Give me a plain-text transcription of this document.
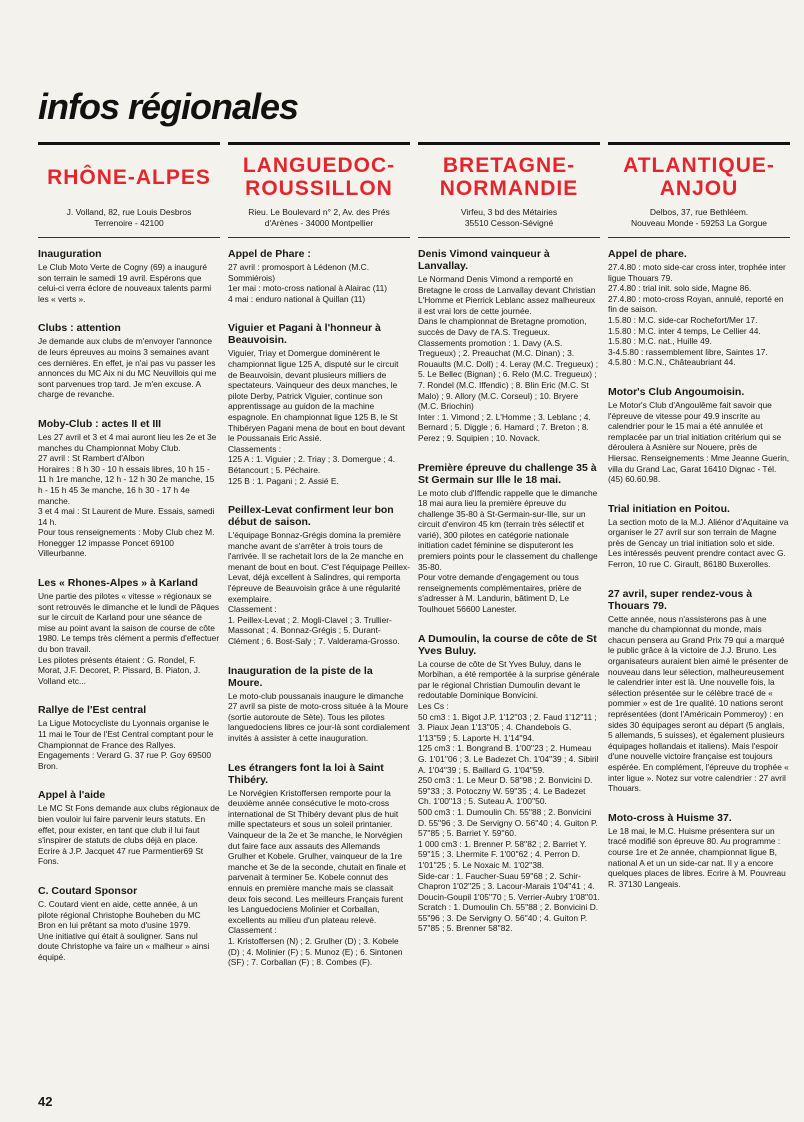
infos régionales
RHÔNE-ALPES
J. Volland, 82, rue Louis Desbros
Terrenoire - 42100
Inauguration

Le Club Moto Verte de Cogny (69) a inauguré son terrain le samedi 19 avril. Espérons que celui-ci verra éclore de nouveaux talents parmi les « verts ».

Clubs : attention

Je demande aux clubs de m'envoyer l'annonce de leurs épreuves au moins 3 semaines avant ces dernières. En effet, je n'ai pas vu passer les annonces du MC Aix ni du MC Neuvillois qui me sont parvenues trop tard. Je m'en excuse. A charge de revanche.

Moby-Club : actes II et III

Les 27 avril et 3 et 4 mai auront lieu les 2e et 3e manches du Championnat Moby Club.
27 avril : St Rambert d'Albon
Horaires : 8 h 30 - 10 h essais libres, 10 h 15 - 11 h 1re manche, 12 h - 12 h 30 2e manche, 15 h - 15 h 45 3e manche, 16 h 30 - 17 h 4e manche.
3 et 4 mai : St Laurent de Mure. Essais, samedi 14 h.
Pour tous renseignements : Moby Club chez M. Honegger 12 impasse Poncet 69100 Villeurbanne.

Les « Rhones-Alpes » à Karland

Une partie des pilotes « vitesse » régionaux se sont retrouvés le dimanche et le lundi de Pâques sur le circuit de Karland pour une séance de mise au point avant la saison de course de côte 1980. Le temps très clément a permis d'effectuer du bon travail.
Les pilotes présents étaient : G. Rondel, F. Morat, J.F. Decoret, P. Pissard, B. Piaton, J. Volland etc...

Rallye de l'Est central

La Ligue Motocycliste du Lyonnais organise le 11 mai le Tour de l'Est Central comptant pour le Championnat de France des Rallyes.
Engagements : Verard G. 37 rue P. Goy 69500 Bron.

Appel à l'aide

Le MC St Fons demande aux clubs régionaux de bien vouloir lui faire parvenir leurs statuts. En effet, pour exister, en tant que club il lui faut s'inspirer de statuts de clubs déjà en place.
Ecrire à J.P. Jacquet 47 rue Parmentier69 St Fons.

C. Coutard Sponsor

C. Coutard vient en aide, cette année, à un pilote régional Christophe Bouheben du MC Bron en lui prêtant sa moto d'usine 1979.
Une initiative qui était à souligner. Sans nul doute Christophe va faire un « malheur » ainsi équipé.

LANGUEDOC-
ROUSSILLON
Rieu. Le Boulevard n° 2, Av. des Prés
d'Arènes - 34000 Montpellier
Appel de Phare :

27 avril : promosport à Lédenon (M.C. Sommiérois)
1er mai : moto-cross national à Alairac (11)
4 mai : enduro national à Quillan (11)

Viguier et Pagani à l'honneur à Beauvoisin.

Viguier, Triay et Domergue dominèrent le championnat ligue 125 A, disputé sur le circuit de Beauvoisin, devant plusieurs milliers de spectateurs. Vainqueur des deux manches, le pilote Derby, Patrick Viguier, continue son apprentissage au guidon de la machine espagnole. En championnat ligue 125 B, le St Thibéryen Pagani mena de bout en bout devant le Poussanais Eric Assié.
Classements :
125 A : 1. Viguier ; 2. Triay ; 3. Domergue ; 4. Bétancourt ; 5. Péchaire.
125 B : 1. Pagani ; 2. Assié E.

Peillex-Levat confirment leur bon début de saison.

L'équipage Bonnaz-Grégis domina la première manche avant de s'arrêter à trois tours de l'arrivée. Il se rachetait lors de la 2e manche en menant de bout en bout. C'est l'équipage Peillex-Levat, déjà excellent à Salindres, qui remporta l'épreuve de Beauvoisin grâce à une régularité exemplaire.
Classement :
1. Peillex-Levat ; 2. Mogli-Clavel ; 3. Trullier-Massonat ; 4. Bonnaz-Grégis ; 5. Durant-Clément ; 6. Bost-Saly ; 7. Valderama-Grosso.

Inauguration de la piste de la Moure.

Le moto-club poussanais inaugure le dimanche 27 avril sa piste de moto-cross située à la Moure (sortie autoroute de Sète). Tous les pilotes languedociens libres ce jour-là sont cordialement invités à assister à cette inauguration.

Les étrangers font la loi à Saint Thibéry.

Le Norvégien Kristoffersen remporte pour la deuxième année consécutive le moto-cross international de St Thibéry devant plus de huit mille spectateurs et sous un soleil printanier. Vainqueur de la 2e et 3e manche, le Norvégien dut faire face aux assauts des Allemands Grulher et Kobele. Grulher, vainqueur de la 1re manche et 3e de la seconde, chutait en finale et parvenait à terminer 5e. Kobele connut des ennuis en première manche mais se classait deux fois second. Les meilleurs Français furent les Languedociens Molinier et Corballan, excellents au milieu d'un plateau relevé.
Classement :
1. Kristoffersen (N) ; 2. Grulher (D) ; 3. Kobele (D) ; 4. Molinier (F) ; 5. Munoz (E) ; 6. Sintonen (SF) ; 7. Corballan (F) ; 8. Combes (F).

BRETAGNE-
NORMANDIE
Virfeu, 3 bd des Métairies
35510 Cesson-Sévigné
Denis Vimond vainqueur à Lanvallay.

Le Normand Denis Vimond a remporté en Bretagne le cross de Lanvallay devant Christian L'Homme et Pierrick Leblanc assez malheureux il est vrai lors de cette journée.
Dans le championnat de Bretagne promotion, succès de Davy de l'A.S. Tregueux.
Classements promotion : 1. Davy (A.S. Tregueux) ; 2. Preauchat (M.C. Dinan) ; 3. Rouaults (M.C. Doll) ; 4. Leray (M.C. Tregueux) ; 5. Le Bellec (Bignan) ; 6. Relo (M.C. Tregueux) ; 7. Rondel (M.C. Iffendic) ; 8. Blin Eric (M.C. St Malo) ; 9. Allory (M.C. Corseul) ; 10. Bryere (M.C. Briochin)
Inter : 1. Vimond ; 2. L'Homme ; 3. Leblanc ; 4. Bernard ; 5. Diggle ; 6. Hamard ; 7. Breton ; 8. Perez ; 9. Squipien ; 10. Novack.

Première épreuve du challenge 35 à St Germain sur Ille le 18 mai.

Le moto club d'Iffendic rappelle que le dimanche 18 mai aura lieu la première épreuve du challenge 35-80 à St-Germain-sur-Ille, sur un circuit d'environ 45 km (terrain très sélectif et varié), 300 pilotes en catégorie nationale initiation cadet féminine se disputeront les premiers points pour le classement du challenge 35-80.
Pour votre demande d'engagement ou tous renseignements complémentaires, prière de s'adresser à M. Landurin, bâtiment D, Le Toulhouet 56600 Lanester.

A Dumoulin, la course de côte de St Yves Buluy.

La course de côte de St Yves Buluy, dans le Morbihan, a été remportée à la surprise générale par le régional Christian Dumoulin devant le redoutable Dominique Bonvicini.
Les Cs :
50 cm3 : 1. Bigot J.P. 1'12''03 ; 2. Faud 1'12''11 ; 3. Piaux Jean 1'13''05 ; 4. Chandebois G. 1'13''59 ; 5. Laporte H. 1'14''94.
125 cm3 : 1. Bongrand B. 1'00''23 ; 2. Humeau G. 1'01''06 ; 3. Le Badezet Ch. 1'04''39 ; 4. Sibiril A. 1'04''39 ; 5. Baillard G. 1'04''59.
250 cm3 : 1. Le Meur D. 58''98 ; 2. Bonvicini D. 59''33 ; 3. Potoczny W. 59''35 ; 4. Le Badezet Ch. 1'00''13 ; 5. Suteau A. 1'00''50.
500 cm3 : 1. Dumoulin Ch. 55''88 ; 2. Bonvicini D. 55''96 ; 3. De Servigny O. 56''40 ; 4. Guiton P. 57''85 ; 5. Barriet Y. 59''60.
1 000 cm3 : 1. Brenner P. 58''82 ; 2. Barriet Y. 59''15 ; 3. Lhermite F. 1'00''62 ; 4. Perron D. 1'01''25 ; 5. Le Noxaic M. 1'02''38.
Side-car : 1. Faucher-Suau 59''68 ; 2. Schir-Chapron 1'02''25 ; 3. Lacour-Marais 1'04''41 ; 4. Doucin-Goupil 1'05''70 ; 5. Verrier-Aubry 1'08''01.
Scratch : 1. Dumoulin Ch. 55''88 ; 2. Bonvicini D. 55''96 ; 3. De Servigny O. 56''40 ; 4. Guiton P. 57''85 ; 5. Brenner 58''82.

ATLANTIQUE-
ANJOU
Delbos, 37, rue Bethléem.
Nouveau Monde - 59253 La Gorgue
Appel de phare.

27.4.80 : moto side-car cross inter, trophée inter ligue Thouars 79.
27.4.80 : trial init. solo side, Magne 86.
27.4.80 : moto-cross Royan, annulé, reporté en fin de saison.
1.5.80 : M.C. side-car Rochefort/Mer 17.
1.5.80 : M.C. inter 4 temps, Le Cellier 44.
1.5.80 : M.C. nat., Huille 49.
3-4.5.80 : rassemblement libre, Saintes 17.
4.5.80 : M.C.N., Châteaubriant 44.

Motor's Club Angoumoisin.

Le Motor's Club d'Angoulême fait savoir que l'épreuve de vitesse pour 49.9 inscrite au calendrier pour le 15 mai a été annulée et remplacée par un trial initiation critérium qui se déroulera à Asnière sur Nouere, près de Hiersac. Renseignements : Mme Jeanne Guerin, villa du Grand Lac, Garat 16410 Dignac - Tél. (45) 60.60.98.

Trial initiation en Poitou.

La section moto de la M.J. Aliénor d'Aquitaine va organiser le 27 avril sur son terrain de Magne près de Gencay un trial initiation solo et side. Les intéressés peuvent prendre contact avec G. Ferron, 10 rue C. Girault, 86180 Buxerolles.

27 avril, super rendez-vous à Thouars 79.

Cette année, nous n'assisterons pas à une manche du championnat du monde, mais chacun pensera au Grand Prix 79 qui a marqué le public grâce à la victoire de J.J. Bruno. Les organisateurs auraient bien aimé le présenter de nouveau dans leur sélection, malheureusement le calendrier inter est là. Une nouvelle fois, la sélection présentée sur le célèbre tracé de « pommier » est de 1re qualité. 10 nations seront représentées (dont l'Américain Pommeroy) : en sides 30 équipages seront au départ (5 anglais, 5 allemands, 5 suisses), et également plusieurs équipages hollandais et italiens). Mais l'espoir d'une nouvelle victoire française est toujours espérée. En complément, l'épreuve du trophée « inter ligue ». Notez sur votre calendrier : 27 avril Thouars.

Moto-cross à Huisme 37.

Le 18 mai, le M.C. Huisme présentera sur un tracé modifié son épreuve 80. Au programme : course 1re et 2e année, championnat ligue B, national A et un un side-car nat. Il y a encore quelques places de libres. Ecrire à M. Pouvreau R. 37130 Langeais.

42
